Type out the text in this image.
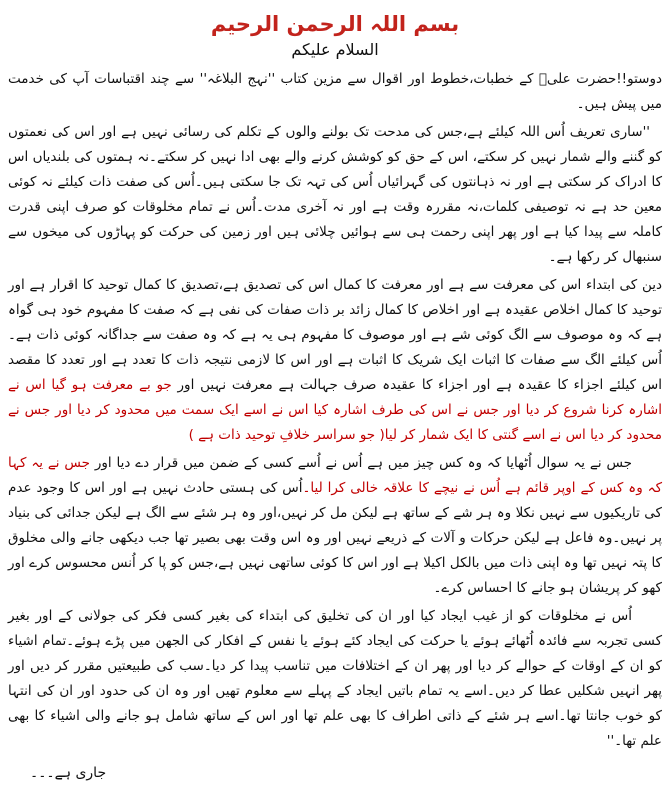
بسم اللہ الرحمن الرحیم
السلام علیکم

دوستو!!حضرت علیؑ کے خطبات،خطوط اور اقوال سے مزین کتاب ''نہج البلاغہ'' سے چند اقتباسات آپ کی خدمت میں پیش ہیں۔

''ساری تعریف اُس اللہ کیلئے ہے،جس کی مدحت تک بولنے والوں کے تکلم کی رسائی نہیں ہے اور اس کی نعمتوں کو گننے والے شمار نہیں کر سکتے، اس کے حق کو کوشش کرنے والے بھی ادا نہیں کر سکتے۔نہ ہمتوں کی بلندیاں اس کا ادراک کر سکتی ہے اور نہ ذہانتوں کی گہرائیاں اُس کی تہہ تک جا سکتی ہیں۔اُس کی صفت ذات کیلئے نہ کوئی معین حد ہے نہ توصیفی کلمات،نہ مقررہ وقت ہے اور نہ آخری مدت۔اُس نے تمام مخلوقات کو صرف اپنی قدرت کاملہ سے پیدا کیا ہے اور پھر اپنی رحمت ہی سے ہوائیں چلائی ہیں اور زمین کی حرکت کو پہاڑوں کی میخوں سے سنبھال کر رکھا ہے۔

دین کی ابتداء اس کی معرفت سے ہے اور معرفت کا کمال اس کی تصدیق ہے،تصدیق کا کمال توحید کا اقرار ہے اور توحید کا کمال اخلاص عقیدہ ہے اور اخلاص کا کمال زائد بر ذات صفات کی نفی ہے کہ صفت کا مفہوم خود ہی گواہ ہے کہ وہ موصوف سے الگ کوئی شے ہے اور موصوف کا مفہوم ہی یہ ہے کہ وہ صفت سے جداگانہ کوئی ذات ہے۔اُس کیلئے الگ سے صفات کا اثبات ایک شریک کا اثبات ہے اور اس کا لازمی نتیجہ ذات کا تعدد ہے اور تعدد کا مقصد اس کیلئے اجزاء کا عقیدہ ہے اور اجزاء کا عقیدہ صرف جہالت ہے معرفت نہیں اور جو بے معرفت ہو گیا اس نے اشارہ کرنا شروع کر دیا اور جس نے اس کی طرف اشارہ کیا اس نے اسے ایک سمت میں محدود کر دیا اور جس نے محدود کر دیا اس نے اسے گنتی کا ایک شمار کر لیا( جو سراسر خلافِ توحید ذات ہے )

جس نے یہ سوال اُٹھایا کہ وہ کس چیز میں ہے اُس نے اُسے کسی کے ضمن میں قرار دے دیا اور جس نے یہ کہا کہ وہ کس کے اوپر قائم ہے اُس نے نیچے کا علاقہ خالی کرا لیا۔اُس کی ہستی حادث نہیں ہے اور اس کا وجود عدم کی تاریکیوں سے نہیں نکلا وہ ہر شے کے ساتھ ہے لیکن مل کر نہیں،اور وہ ہر شئے سے الگ ہے لیکن جدائی کی بنیاد پر نہیں۔وہ فاعل ہے لیکن حرکات و آلات کے ذریعے نہیں اور وہ اس وقت بھی بصیر تھا جب دیکھی جانے والی مخلوق کا پتہ نہیں تھا وہ اپنی ذات میں بالکل اکیلا ہے اور اس کا کوئی ساتھی نہیں ہے،جس کو پا کر اُنس محسوس کرے اور کھو کر پریشان ہو جانے کا احساس کرے۔

اُس نے مخلوقات کو از غیب ایجاد کیا اور ان کی تخلیق کی ابتداء کی بغیر کسی فکر کی جولانی کے اور بغیر کسی تجربہ سے فائدہ اُٹھائے ہوئے یا حرکت کی ایجاد کئے ہوئے یا نفس کے افکار کی الجھن میں پڑے ہوئے۔تمام اشیاء کو ان کے اوقات کے حوالے کر دیا اور پھر ان کے اختلافات میں تناسب پیدا کر دیا۔سب کی طبیعتیں مقرر کر دیں اور پھر انہیں شکلیں عطا کر دیں۔اسے یہ تمام باتیں ایجاد کے پہلے سے معلوم تھیں اور وہ ان کی حدود اور ان کی انتہا کو خوب جانتا تھا۔اسے ہر شئے کے ذاتی اطراف کا بھی علم تھا اور اس کے ساتھ شامل ہو جانے والی اشیاء کا بھی علم تھا۔''

جاری ہے۔۔۔
